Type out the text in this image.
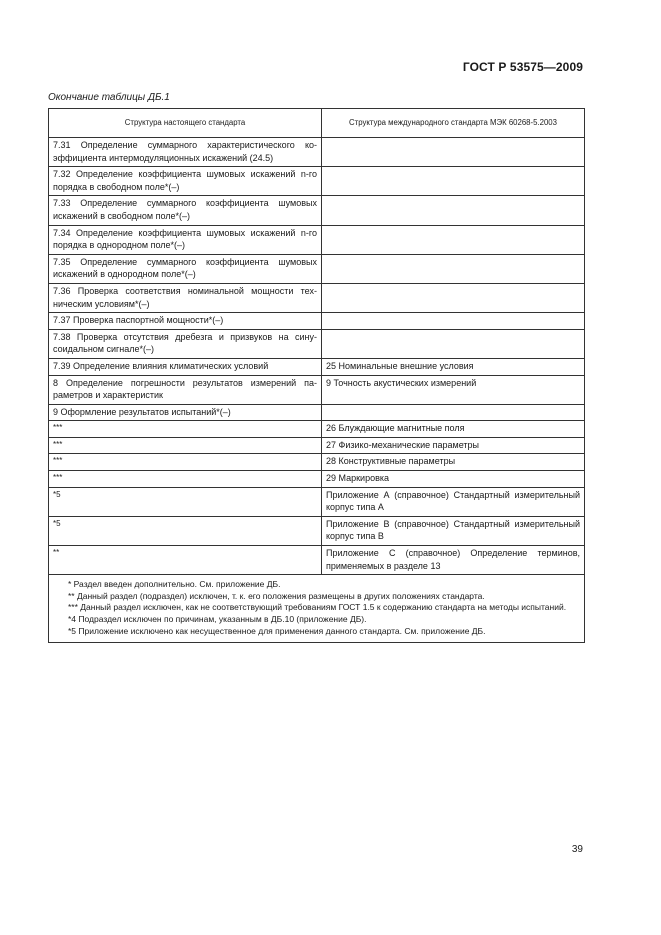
ГОСТ Р 53575—2009
Окончание таблицы ДБ.1
Структура настоящего стандарта	Структура международного стандарта МЭК 60268-5.2003
7.31 Определение суммарного характеристического коэффициента интермодуляционных искажений (24.5)	
7.32 Определение коэффициента шумовых искажений n-го порядка в свободном поле*(–)	
7.33 Определение суммарного коэффициента шумовых искажений в свободном поле*(–)	
7.34 Определение коэффициента шумовых искажений n-го порядка в однородном поле*(–)	
7.35 Определение суммарного коэффициента шумовых искажений в однородном поле*(–)	
7.36 Проверка соответствия номинальной мощности техническим условиям*(–)	
7.37 Проверка паспортной мощности*(–)	
7.38 Проверка отсутствия дребезга и призвуков на синусоидальном сигнале*(–)	
7.39 Определение влияния климатических условий	25 Номинальные внешние условия
8 Определение погрешности результатов измерений параметров и характеристик	9 Точность акустических измерений
9 Оформление результатов испытаний*(–)	
***	26 Блуждающие магнитные поля
***	27 Физико-механические параметры
***	28 Конструктивные параметры
***	29 Маркировка
*5	Приложение А (справочное) Стандартный измерительный корпус типа А
*5	Приложение В (справочное) Стандартный измерительный корпус типа В
**	Приложение С (справочное) Определение терминов, применяемых в разделе 13

* Раздел введен дополнительно. См. приложение ДБ.
** Данный раздел (подраздел) исключен, т. к. его положения размещены в других положениях стандарта.
*** Данный раздел исключен, как не соответствующий требованиям ГОСТ 1.5 к содержанию стандарта на методы испытаний.
*4 Подраздел исключен по причинам, указанным в ДБ.10 (приложение ДБ).
*5 Приложение исключено как несущественное для применения данного стандарта. См. приложение ДБ.	
39
